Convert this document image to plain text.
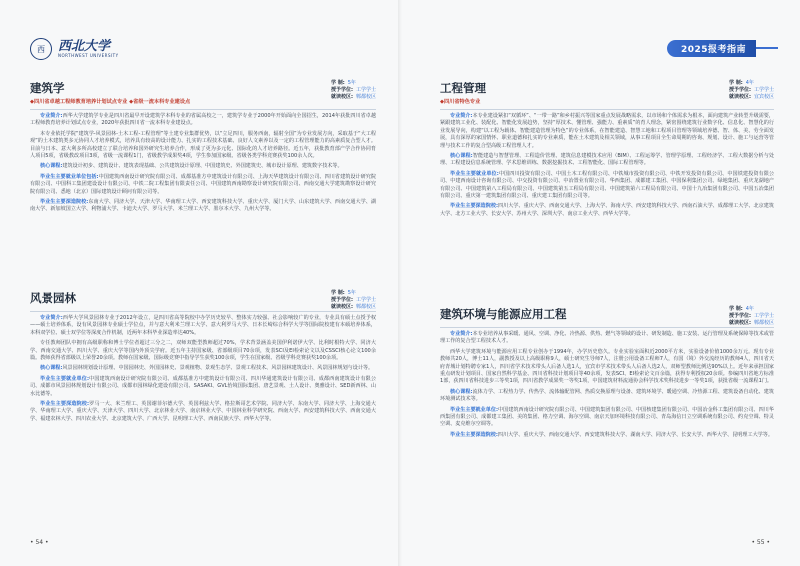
西	西北大学
NORTHWEST UNIVERSITY
建筑学
◆四川省卓越工程师教育培养计划试点专业 ◆省级一流本科专业建设点
学 制: 5年
授予学位: 工学学士
就读校区: 郫都校区

专业简介:西华大学建筑学专业是四川省最早开设建筑学本科专业的省属高校之一，建筑学专业于2000年开始面向全国招生，2014年获批四川省卓越工程师教育培养计划试点专业，2020年获批四川省一流本科专业建设点。

本专业依托学院“建筑学-风景园林-土木工程-工程管理”等土建专业集群优势，以“立足四川，服务西南，辐射全国”为专业发展方向，采取基于“大工程观”的土木建筑类多元协同人才培养模式，培养具有较高的设计能力、扎实的工程技术基础、良好人文素养以及一定的工程管理能力的高素质复合型人才。目前与日本、意大利多所高校建立了联合培养和国外研究生培养合作，形成了更为多元化、国际化的人才培养路径。近五年，获批教育部产学合作协同育人项目5项，省级教改项目3项，省级一流课程1门，省级教学成果奖4项，学生参加国家级、省级各类学科竞赛获奖100余人次。

核心课程:建筑设计初步、建筑设计、建筑表现基础、公共建筑设计原理、中国建筑史、外国建筑史、城市设计原理、建筑数字技术等。

毕业生主要就业单位包括:中国建筑西南设计研究院有限公司、成都基准方中建筑设计有限公司、上海天华建筑设计有限公司、四川省建筑设计研究院有限公司、中国科工集团建设设计有限公司、中铁二院工程集团有限责任公司、中国建筑西南勘察设计研究院有限公司、西南交通大学建筑勘察设计研究院有限公司、悉地（北京）国际建筑设计顾问有限公司等。

毕业生主要深造院校:东南大学、同济大学、天津大学、华南理工大学、西安建筑科技大学、重庆大学、厦门大学、山东建筑大学、西南交通大学、湖南大学、新加坡国立大学、利物浦大学、卡迪夫大学、罗马大学、米兰理工大学、墨尔本大学、九州大学等。

风景园林	学 制: 5年
授予学位: 工学学士
就读校区: 郫都校区

专业简介:西华大学风景园林专业于2012年设立，是四川省高等院校中办学历史较早、整体实力较强、社会影响较广的专业，专业具有硕士点授予权——硕士培养体系，设有风景园林专业硕士学位点，并与意大利米兰理工大学、意大利罗马大学、日本长崎综合科学大学等国际院校建有本硕培养体系，本科双学位、硕士双学位等深度合作机制，近两年本科毕业深造率达40%。

专任教师团队中拥有高级职称和博士学位者超过三分之二，双师双能型教师超过70%，学术背景涵盖美国伊利诺伊大学、比利时根特大学、同济大学、西南交通大学、四川大学、重庆大学等国内外顶尖学府。近五年主持国家级、省部级项目70余项，发表SCI及EI检索论文以及CSSCI核心论文100余篇。教师获得省部级以上荣誉20余项。教师在国家级、国际级竞赛中指导学生获奖100余项，学生在国家级、省级学科竞赛获奖100余项。

核心课程:风景园林规划设计原理、中国园林史、外国园林史、景观植物、景观生态学、景观工程技术、风景园林建筑设计、风景园林规划与设计等。

毕业生主要就业单位:中国建筑西南设计研究院有限公司、成都基准方中建筑设计有限公司、四川华通建筑设计有限公司、成都西南建筑设计有限公司、成都市风景园林规划设计有限公司、成都市园林绿化建设有限公司、SASAKI、GVL怡境国际集团、唐艺景观、土人设计、奥雅设计、SED新西林、山水比德等。

毕业生主要深造院校:罗马一大、米兰理工、英国谢菲尔德大学、英国利兹大学、格拉斯哥艺术学院、同济大学、东南大学、同济大学、上海交通大学、华南理工大学、重庆大学、天津大学、四川大学、北京林业大学、南京林业大学、中国林业科学研究院、西南大学、西安建筑科技大学、西南交通大学、福建农林大学、四川农业大学、北京建筑大学、广西大学、昆明理工大学、西南民族大学、西华大学等。

• 54 •
2025报考指南
工程管理
◆四川省特色专业
学 制: 4年
授予学位: 工学学士
就读校区: 宜宾校区

专业简介:本专业建设紧扣“双循环”、“一带一路”和乡村振兴等国家重点发展战略需求，以市场和个体需求为根本，面向建筑产业转型升级需要，紧跟建筑工业化、装配化、智能化发展趋势，坚持“厚技术、懂管理、强能力、重素质”的育人理念，紧密围绕建筑行业数字化、信息化、智慧化的行业发展导向，构建“以工程为载体、智能建造管理为特色”的专业体系，在智能建造、智慧工地和工程项目管理等领域培养德、智、体、美、劳全面发展，具有深厚的家国情怀、职业道德和扎实的专业素质，能在土木建筑及相关领域，从事工程项目全生命周期的咨询、规划、设计、施工与运营等管理与技术工作的复合型高级工程管理人才。

核心课程:智能建造与智慧管理、工程造价管理、建筑信息建模技术应用（BIM）、工程运筹学、管理学原理、工程经济学、工程大数据分析与处理、工程建设信息系统管理、学术思维训练、数据挖掘技术、工程智能化、国际工程管理等。

毕业生主要就业单位:中国四川投资有限公司、中国土木工程有限公司、中铁城市投资有限公司、中铁开发投资有限公司、中国铁建投资有限公司、中建西南设计咨询有限公司、中交投资有限公司、中冶置业有限公司、华西集团、成都建工集团、中国保利集团公司、绿地集团、重庆龙湖地产有限公司、中国建筑第八工程局有限公司、中国建筑第五工程局有限公司、中国建筑第六工程局有限公司、中国十九冶集团有限公司、中国五冶集团有限公司、重庆第一建筑集团有限公司、重庆建工集团有限公司等。

毕业生主要深造院校:四川大学、重庆大学、西南交通大学、上海大学、海南大学、西安建筑科技大学、西南石油大学、成都理工大学、北京建筑大学、北方工业大学、长安大学、苏州大学、深圳大学、南京工业大学、西华大学等。

建筑环境与能源应用工程	学 制: 4年
授予学位: 工学学士
就读校区: 郫都校区

专业简介:本专业培养从事采暖、通风、空调、净化、冷热源、供热、燃气等领域的设计、研发制造、施工安装、运行管理及系统保障等技术或管理工作的复合型工程技术人才。

西华大学建筑环境与能源应用工程专业创办于1994年，办学历史悠久。专业实验室面积近2000平方米，实验设备价值1000余万元。现有专业教师共20人，博士11人，副教授及以上高级职称9人，硕士研究生导师7人，注册公用设备工程师7人，有国（境）外交流经历的教师4人，四川省天府青城计划特聘专家1人，四川省学术技术带头人后备人选1人，宜宾市学术技术带头人后备人选2人，双师型教师比例达90%以上。近年来承担国家重点研发计划项目、国家自然科学基金、四川省科技计划项目等40余项，发表SCI、EI检索论文百余篇，获得专利授权20余项。参编四川省地方标准1部，获四川省科技进步三等奖1项，四川省教学成果奖一等奖1项，中国建筑材料流通协会科学技术奖科技进步一等奖1项，获批省级一流课程1门。

核心课程:流体力学、工程热力学、传热学、流体输配管网、热质交换原理与设备、建筑环境学、暖通空调、冷热源工程、建筑设备自动化、建筑环境测试技术等。

毕业生主要就业单位:中国建筑西南设计研究院有限公司、中国建筑集团有限公司、中国核建集团有限公司、中国冶金科工集团有限公司、四川华西集团有限公司、成都建工集团、美的集团、格力空调、海尔空调、南京天加环境科技有限公司、青岛海信日立空调系统有限公司、约克空调、特灵空调、麦克维尔空调等。

毕业生主要深造院校:四川大学、重庆大学、西南交通大学、西安建筑科技大学、湖南大学、同济大学、长安大学、西华大学、昆明理工大学等。

• 55 •
